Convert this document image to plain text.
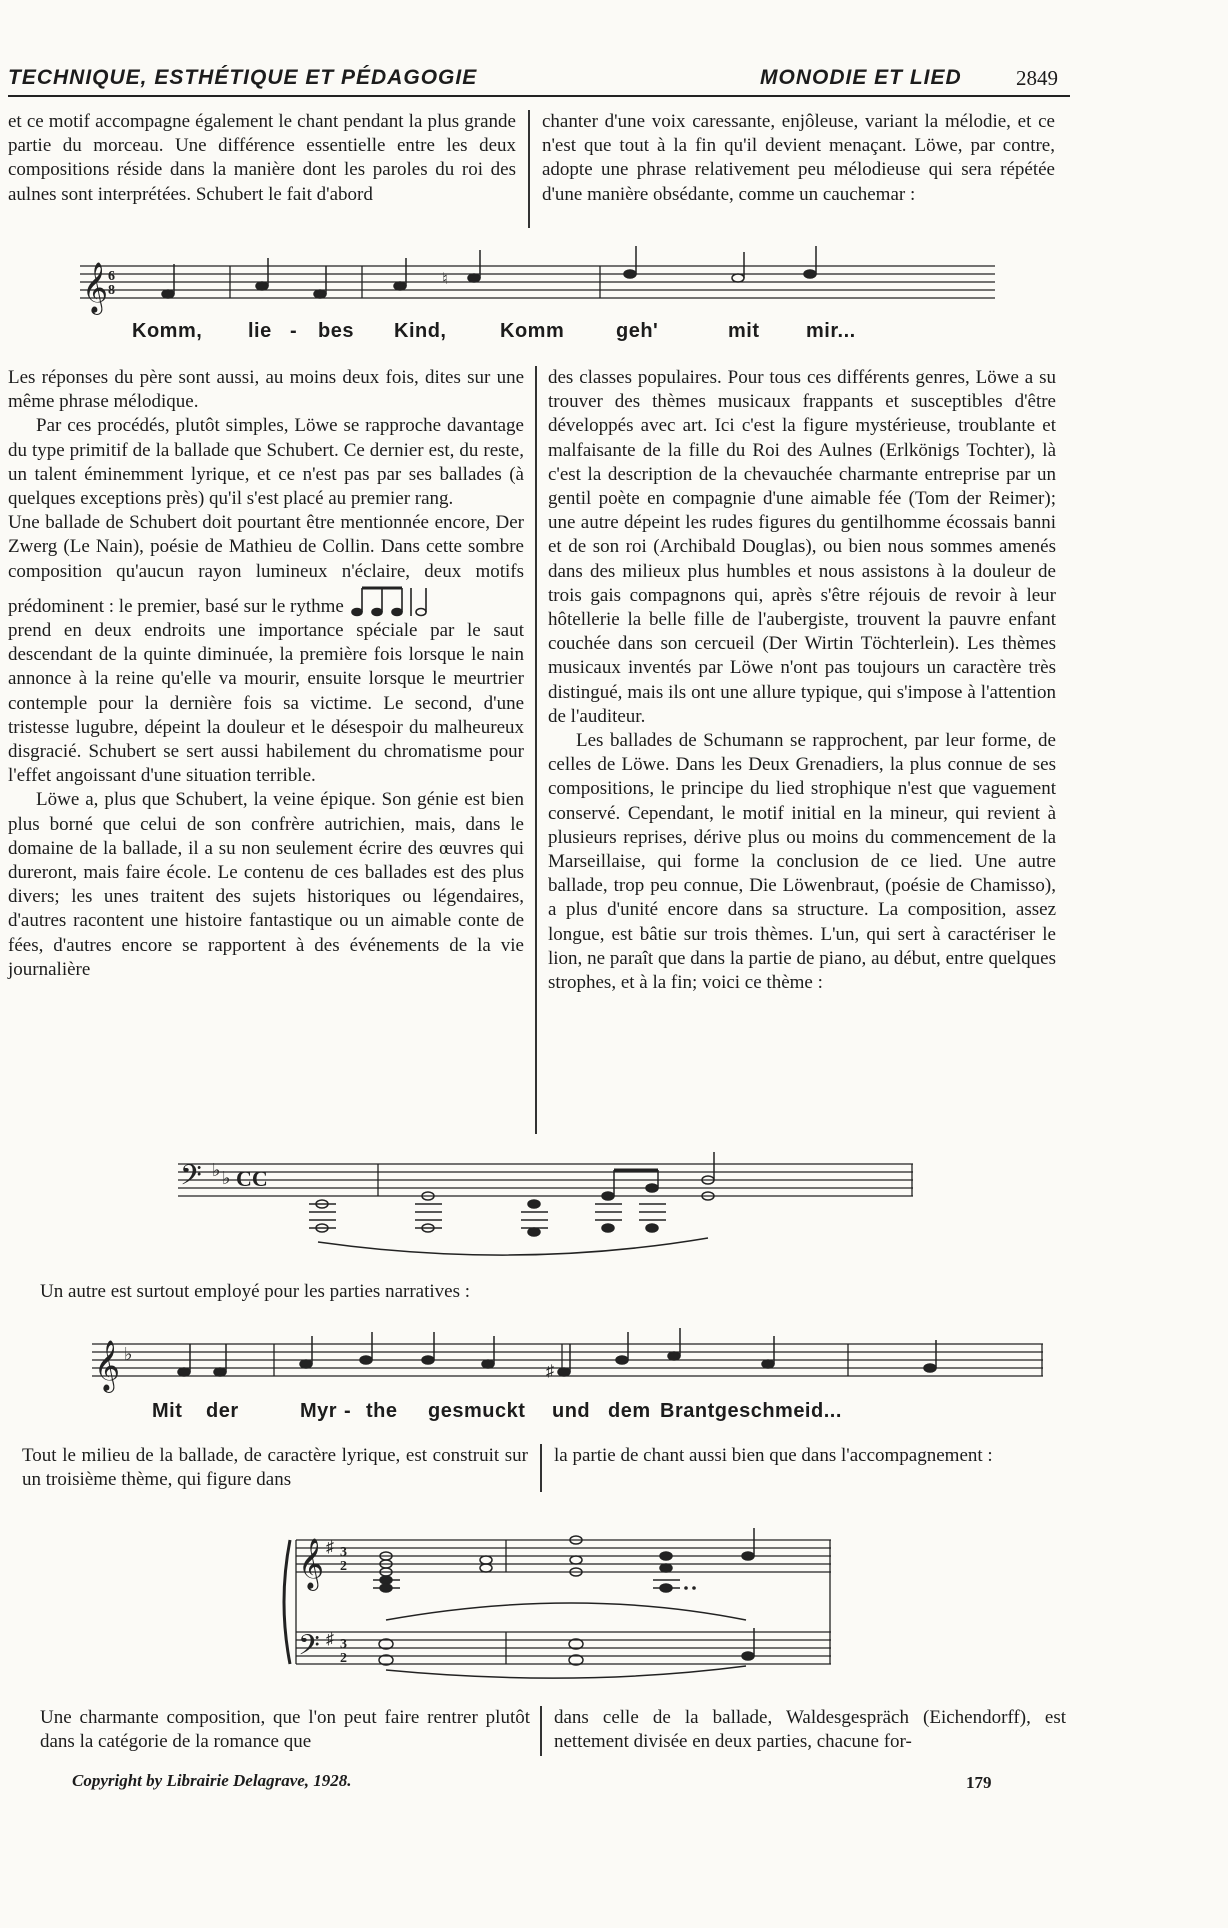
TECHNIQUE, ESTHÉTIQUE ET PÉDAGOGIE	MONODIE ET LIED	2849

et ce motif accompagne également le chant pendant la plus grande partie du morceau. Une différence essentielle entre les deux compositions réside dans la manière dont les paroles du roi des aulnes sont interprétées. Schubert le fait d'abord

chanter d'une voix caressante, enjôleuse, variant la mélodie, et ce n'est que tout à la fin qu'il devient menaçant. Löwe, par contre, adopte une phrase relativement peu mélodieuse qui sera répétée d'une manière obsédante, comme un cauchemar :

𝄞 6
8
♮
Komm, lie - bes Kind,	Komm	geh'	mit mir...

Les réponses du père sont aussi, au moins deux fois, dites sur une même phrase mélodique.

Par ces procédés, plutôt simples, Löwe se rapproche davantage du type primitif de la ballade que Schubert. Ce dernier est, du reste, un talent éminemment lyrique, et ce n'est pas par ses ballades (à quelques exceptions près) qu'il s'est placé au premier rang.

Une ballade de Schubert doit pourtant être mentionnée encore, Der Zwerg (Le Nain), poésie de Mathieu de Collin. Dans cette sombre composition qu'aucun rayon lumineux n'éclaire, deux motifs prédominent : le premier, basé sur le rythme

prend en deux endroits une importance spéciale par le saut descendant de la quinte diminuée, la première fois lorsque le nain annonce à la reine qu'elle va mourir, ensuite lorsque le meurtrier contemple pour la dernière fois sa victime. Le second, d'une tristesse lugubre, dépeint la douleur et le désespoir du malheureux disgracié. Schubert se sert aussi habilement du chromatisme pour l'effet angoissant d'une situation terrible.

Löwe a, plus que Schubert, la veine épique. Son génie est bien plus borné que celui de son confrère autrichien, mais, dans le domaine de la ballade, il a su non seulement écrire des œuvres qui dureront, mais faire école. Le contenu de ces ballades est des plus divers; les unes traitent des sujets historiques ou légendaires, d'autres racontent une histoire fantastique ou un aimable conte de fées, d'autres encore se rapportent à des événements de la vie journalière

des classes populaires. Pour tous ces différents genres, Löwe a su trouver des thèmes musicaux frappants et susceptibles d'être développés avec art. Ici c'est la figure mystérieuse, troublante et malfaisante de la fille du Roi des Aulnes (Erlkönigs Tochter), là c'est la description de la chevauchée charmante entreprise par un gentil poète en compagnie d'une aimable fée (Tom der Reimer); une autre dépeint les rudes figures du gentilhomme écossais banni et de son roi (Archibald Douglas), ou bien nous sommes amenés dans des milieux plus humbles et nous assistons à la douleur de trois gais compagnons qui, après s'être réjouis de revoir à leur hôtellerie la belle fille de l'aubergiste, trouvent la pauvre enfant couchée dans son cercueil (Der Wirtin Töchterlein). Les thèmes musicaux inventés par Löwe n'ont pas toujours un caractère très distingué, mais ils ont une allure typique, qui s'impose à l'attention de l'auditeur.

Les ballades de Schumann se rapprochent, par leur forme, de celles de Löwe. Dans les Deux Grenadiers, la plus connue de ses compositions, le principe du lied strophique n'est que vaguement conservé. Cependant, le motif initial en la mineur, qui revient à plusieurs reprises, dérive plus ou moins du commencement de la Marseillaise, qui forme la conclusion de ce lied. Une autre ballade, trop peu connue, Die Löwenbraut, (poésie de Chamisso), a plus d'unité encore dans sa structure. La composition, assez longue, est bâtie sur trois thèmes. L'un, qui sert à caractériser le lion, ne paraît que dans la partie de piano, au début, entre quelques strophes, et à la fin; voici ce thème :

𝄢 ♭ ♭ CC

Un autre est surtout employé pour les parties narratives :

𝄞 ♭
♯
Mit der	Myr - the gesmuckt und dem Brantgeschmeid...

Tout le milieu de la ballade, de caractère lyrique, est construit sur un troisième thème, qui figure dans

la partie de chant aussi bien que dans l'accompagnement :

𝄞
𝄢
♯
♯
3
2
3
2

Une charmante composition, que l'on peut faire rentrer plutôt dans la catégorie de la romance que

dans celle de la ballade, Waldesgespräch (Eichendorff), est nettement divisée en deux parties, chacune for-

Copyright by Librairie Delagrave, 1928.	179
